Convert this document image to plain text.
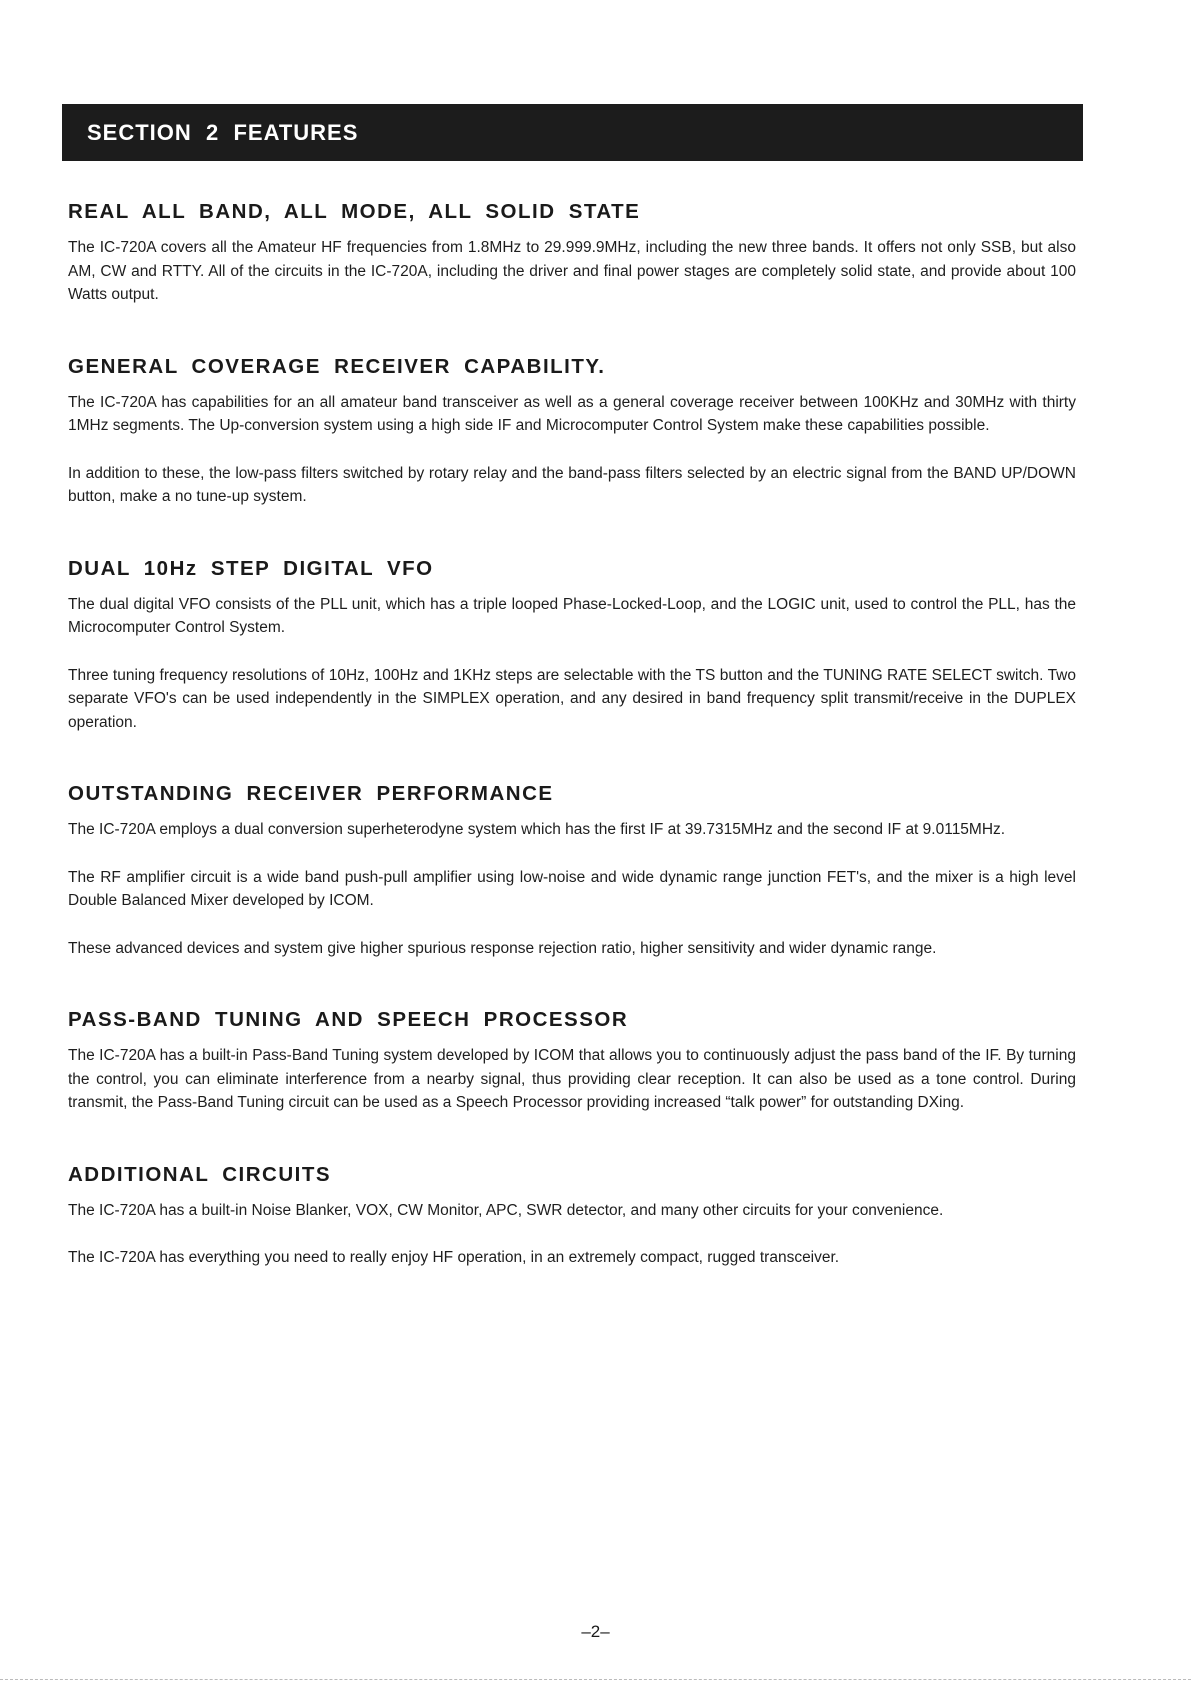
SECTION  2  FEATURES
REAL ALL BAND, ALL MODE, ALL SOLID STATE

The IC-720A covers all the Amateur HF frequencies from 1.8MHz to 29.999.9MHz, including the new three bands. It offers not only SSB, but also AM, CW and RTTY. All of the circuits in the IC-720A, including the driver and final power stages are completely solid state, and provide about 100 Watts output.

GENERAL COVERAGE RECEIVER CAPABILITY.

The IC-720A has capabilities for an all amateur band transceiver as well as a general coverage receiver between 100KHz and 30MHz with thirty 1MHz segments. The Up-conversion system using a high side IF and Microcomputer Control System make these capabilities possible.

In addition to these, the low-pass filters switched by rotary relay and the band-pass filters selected by an electric signal from the BAND UP/DOWN button, make a no tune-up system.

DUAL 10Hz STEP DIGITAL VFO

The dual digital VFO consists of the PLL unit, which has a triple looped Phase-Locked-Loop, and the LOGIC unit, used to control the PLL, has the Microcomputer Control System.

Three tuning frequency resolutions of 10Hz, 100Hz and 1KHz steps are selectable with the TS button and the TUNING RATE SELECT switch. Two separate VFO's can be used independently in the SIMPLEX operation, and any desired in band frequency split transmit/receive in the DUPLEX operation.

OUTSTANDING RECEIVER PERFORMANCE

The IC-720A employs a dual conversion superheterodyne system which has the first IF at 39.7315MHz and the second IF at 9.0115MHz.

The RF amplifier circuit is a wide band push-pull amplifier using low-noise and wide dynamic range junction FET's, and the mixer is a high level Double Balanced Mixer developed by ICOM.

These advanced devices and system give higher spurious response rejection ratio, higher sensitivity and wider dynamic range.

PASS-BAND TUNING AND SPEECH PROCESSOR

The IC-720A has a built-in Pass-Band Tuning system developed by ICOM that allows you to continuously adjust the pass band of the IF. By turning the control, you can eliminate interference from a nearby signal, thus providing clear reception. It can also be used as a tone control. During transmit, the Pass-Band Tuning circuit can be used as a Speech Processor providing increased “talk power” for outstanding DXing.

ADDITIONAL CIRCUITS

The IC-720A has a built-in Noise Blanker, VOX, CW Monitor, APC, SWR detector, and many other circuits for your convenience.

The IC-720A has everything you need to really enjoy HF operation, in an extremely compact, rugged transceiver.

–2–
